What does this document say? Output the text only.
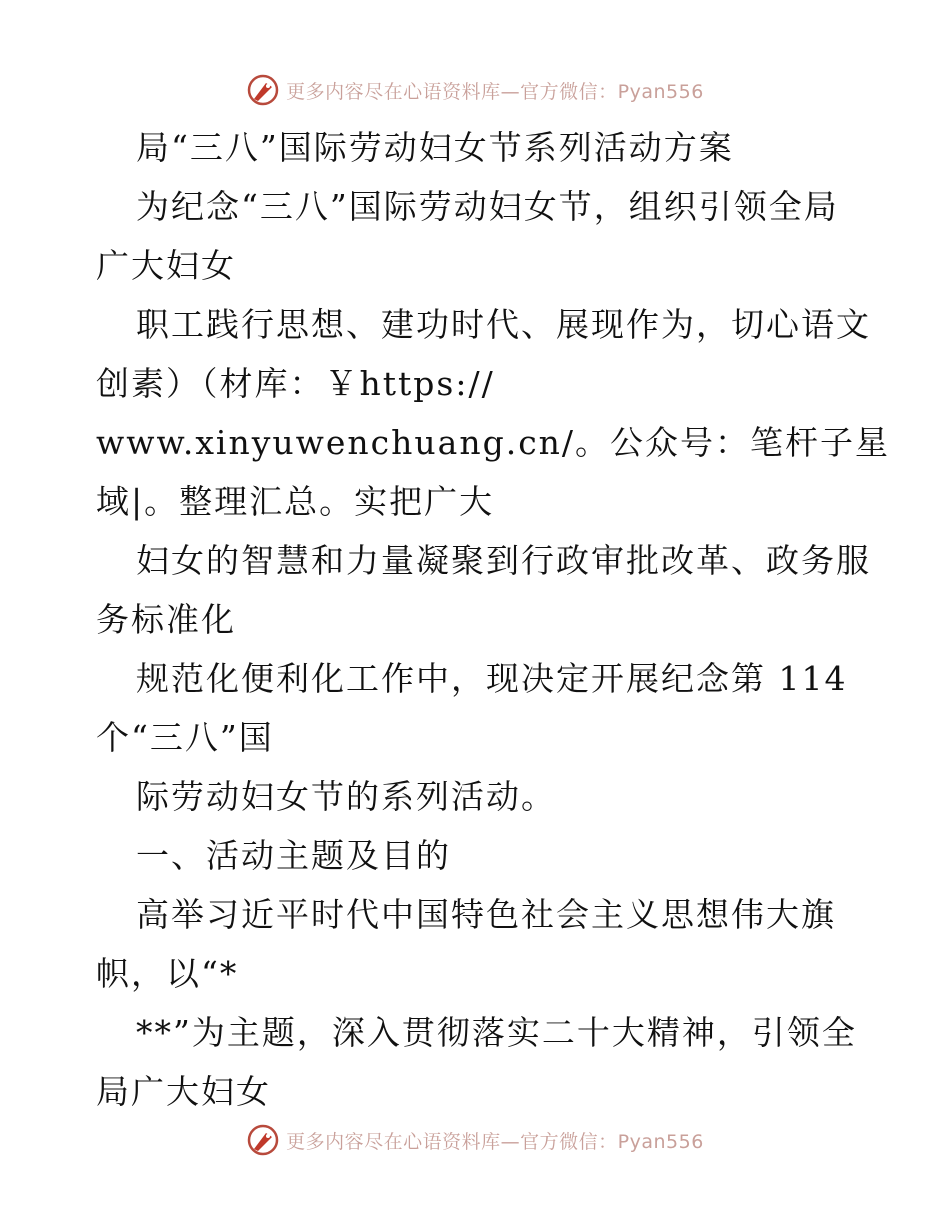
更多内容尽在心语资料库—官方微信：Pyan556
局“三八”国际劳动妇女节系列活动方案
为纪念“三八”国际劳动妇女节，组织引领全局
广大妇女
职工践行思想、建功时代、展现作为，切心语文
创素）（材库：￥https://
www.xinyuwenchuang.cn/。公众号：笔杆子星
域|。整理汇总。实把广大
妇女的智慧和力量凝聚到行政审批改革、政务服
务标准化
规范化便利化工作中，现决定开展纪念第 114
个“三八”国
际劳动妇女节的系列活动。
一、活动主题及目的
高举习近平时代中国特色社会主义思想伟大旗
帜，以“*
**”为主题，深入贯彻落实二十大精神，引领全
局广大妇女
更多内容尽在心语资料库—官方微信：Pyan556
